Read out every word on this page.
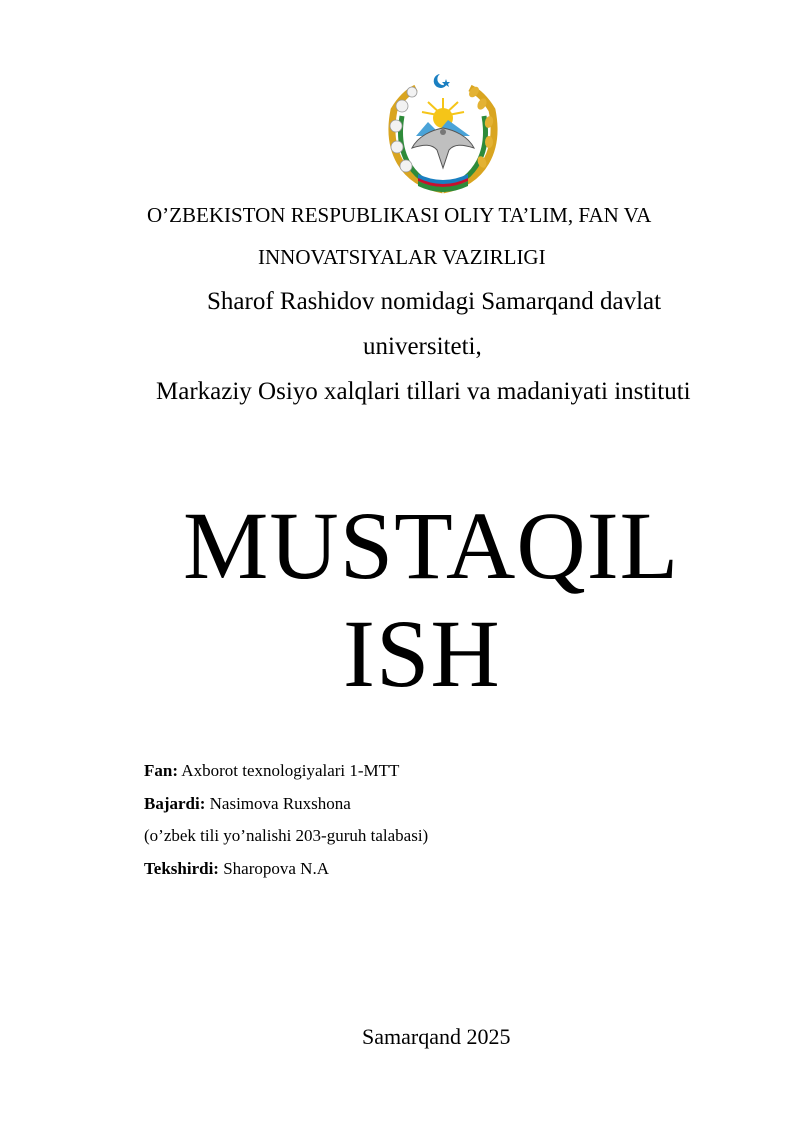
O’ZBEKISTON RESPUBLIKASI OLIY TA’LIM, FAN VA
INNOVATSIYALAR VAZIRLIGI
Sharof Rashidov nomidagi Samarqand davlat
universiteti,
Markaziy Osiyo xalqlari tillari va madaniyati instituti
MUSTAQIL
ISH
Fan: Axborot texnologiyalari 1-MTT
Bajardi: Nasimova Ruxshona
(o’zbek tili yo’nalishi 203-guruh talabasi)
Tekshirdi: Sharopova N.A
Samarqand 2025
